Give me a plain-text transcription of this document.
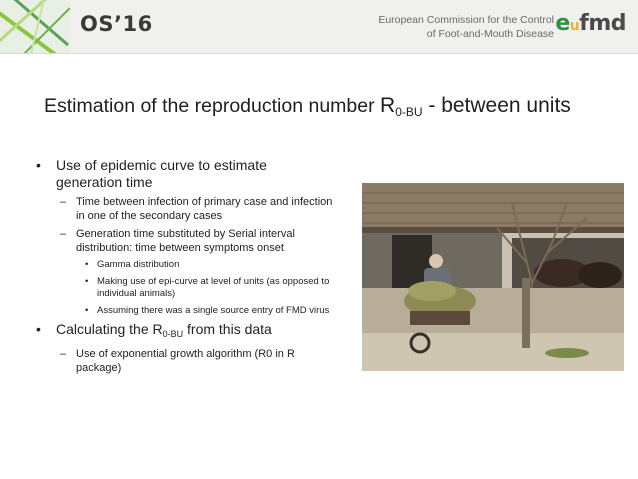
OS’16	European Commission for the Control
of Foot-and-Mouth Disease eufmd
Estimation of the reproduction number $R_{0-BU}$ - between units
• Use of epidemic curve to estimate generation time
– Time between infection of primary case and infection in one of the secondary cases
– Generation time substituted by Serial interval distribution: time between symptoms onset
• Gamma distribution
• Making use of epi-curve at level of units (as opposed to individual animals)
• Assuming there was a single source entry of FMD virus
• Calculating the $R_{0-BU}$ from this data
– Use of exponential growth algorithm (R0 in R package)
